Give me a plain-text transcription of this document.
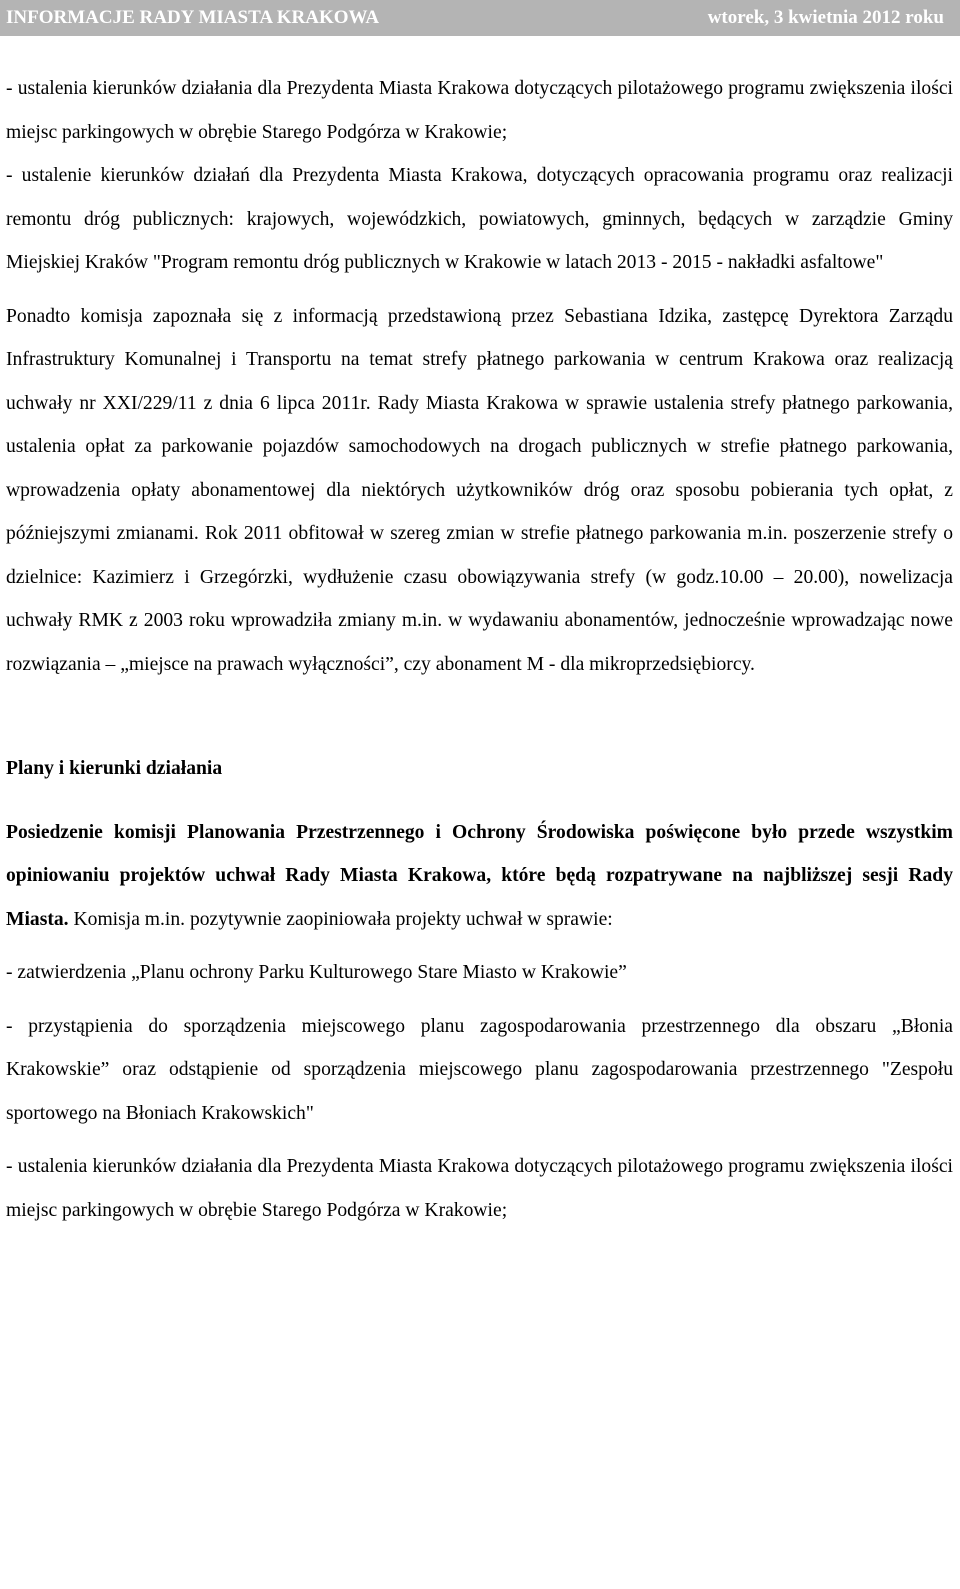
INFORMACJE RADY MIASTA KRAKOWA	wtorek, 3 kwietnia 2012 roku

- ustalenia kierunków działania dla Prezydenta Miasta Krakowa dotyczących pilotażowego programu zwiększenia ilości miejsc parkingowych w obrębie Starego Podgórza w Krakowie;

- ustalenie kierunków działań dla Prezydenta Miasta Krakowa, dotyczących opracowania programu oraz realizacji remontu dróg publicznych: krajowych, wojewódzkich, powiatowych, gminnych, będących w zarządzie Gminy Miejskiej Kraków "Program remontu dróg publicznych w Krakowie w latach 2013 - 2015 - nakładki asfaltowe"

Ponadto komisja zapoznała się z informacją przedstawioną przez Sebastiana Idzika, zastępcę Dyrektora Zarządu Infrastruktury Komunalnej i Transportu na temat strefy płatnego parkowania w centrum Krakowa oraz realizacją uchwały nr XXI/229/11 z dnia 6 lipca 2011r. Rady Miasta Krakowa w sprawie ustalenia strefy płatnego parkowania, ustalenia opłat za parkowanie pojazdów samochodowych na drogach publicznych w strefie płatnego parkowania, wprowadzenia opłaty abonamentowej dla niektórych użytkowników dróg oraz sposobu pobierania tych opłat, z późniejszymi zmianami. Rok 2011 obfitował w szereg zmian w strefie płatnego parkowania m.in. poszerzenie strefy o dzielnice: Kazimierz i Grzegórzki, wydłużenie czasu obowiązywania strefy (w godz.10.00 – 20.00), nowelizacja uchwały RMK z 2003 roku wprowadziła zmiany m.in. w wydawaniu abonamentów, jednocześnie wprowadzając nowe rozwiązania – „miejsce na prawach wyłączności”, czy abonament M - dla mikroprzedsiębiorcy.

Plany i kierunki działania

Posiedzenie komisji Planowania Przestrzennego i Ochrony Środowiska poświęcone było przede wszystkim opiniowaniu projektów uchwał Rady Miasta Krakowa, które będą rozpatrywane na najbliższej sesji Rady Miasta. Komisja m.in. pozytywnie zaopiniowała projekty uchwał w sprawie:

- zatwierdzenia „Planu ochrony Parku Kulturowego Stare Miasto w Krakowie”

- przystąpienia do sporządzenia miejscowego planu zagospodarowania przestrzennego dla obszaru „Błonia Krakowskie” oraz odstąpienie od sporządzenia miejscowego planu zagospodarowania przestrzennego "Zespołu sportowego na Błoniach Krakowskich"

- ustalenia kierunków działania dla Prezydenta Miasta Krakowa dotyczących pilotażowego programu zwiększenia ilości miejsc parkingowych w obrębie Starego Podgórza w Krakowie;
